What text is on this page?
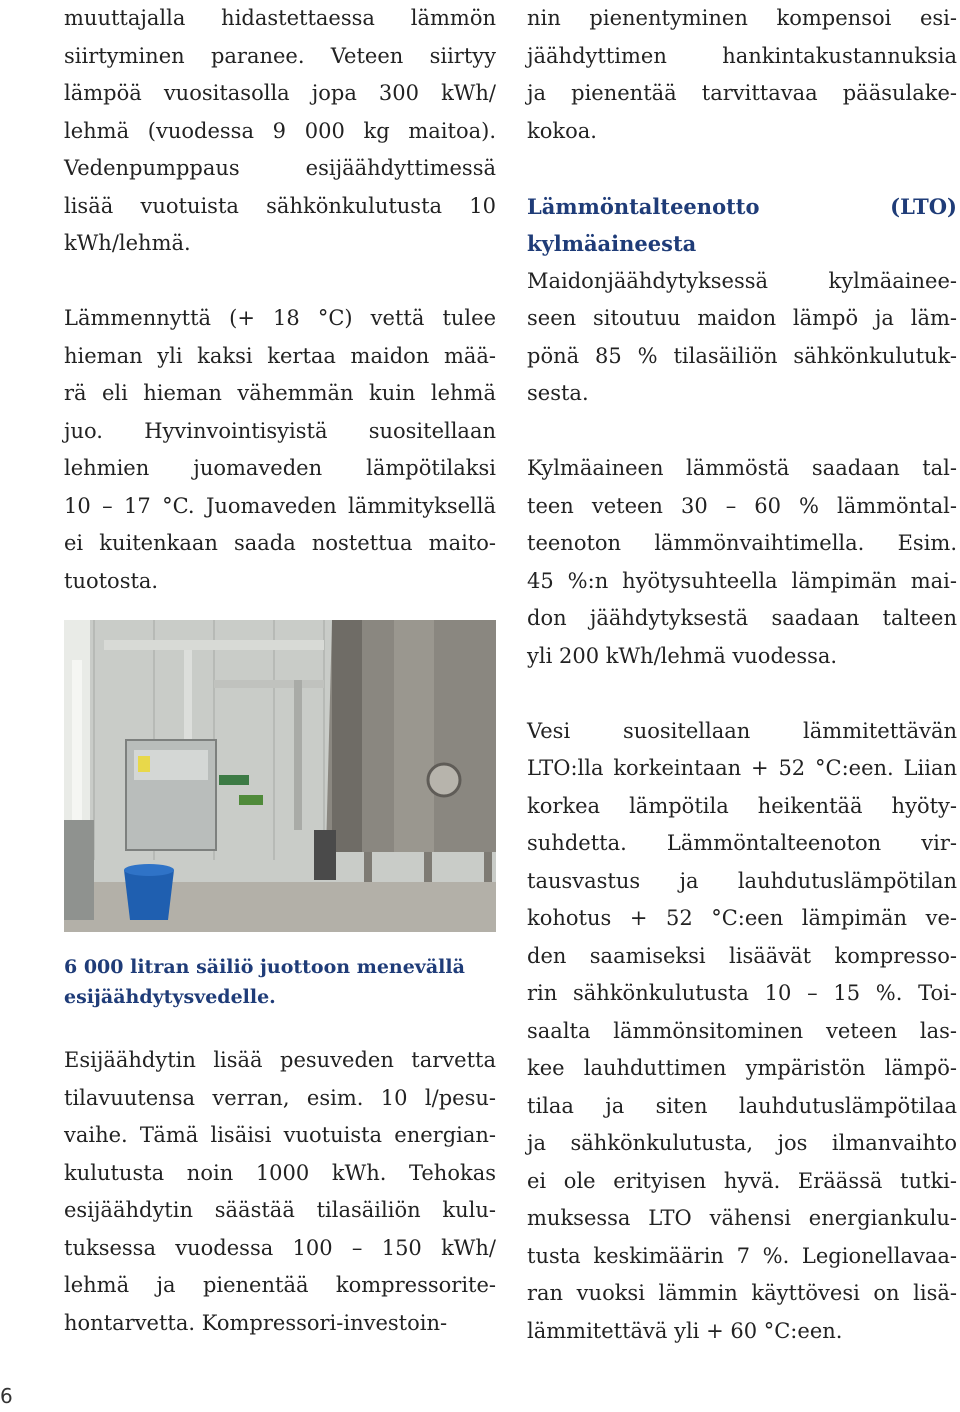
muuttajalla hidastettaessa lämmön
siirtyminen paranee. Veteen siirtyy
lämpöä vuositasolla jopa 300 kWh/
lehmä (vuodessa 9 000 kg maitoa).
Vedenpumppaus esijäähdyttimessä
lisää vuotuista sähkönkulutusta 10
kWh/lehmä.
Lämmennyttä (+ 18 °C) vettä tulee
hieman yli kaksi kertaa maidon mää-
rä eli hieman vähemmän kuin lehmä
juo. Hyvinvointisyistä suositellaan
lehmien juomaveden lämpötilaksi
10 – 17 °C. Juomaveden lämmityksellä
ei kuitenkaan saada nostettua maito-
tuotosta.
6 000 litran säiliö juottoon menevällä
esijäähdytysvedelle.
Esijäähdytin lisää pesuveden tarvetta
tilavuutensa verran, esim. 10 l/pesu-
vaihe. Tämä lisäisi vuotuista energian-
kulutusta noin 1000 kWh. Tehokas
esijäähdytin säästää tilasäiliön kulu-
tuksessa vuodessa 100 – 150 kWh/
lehmä ja pienentää kompressorite-
hontarvetta. Kompressori-investoin-
nin pienentyminen kompensoi esi-
jäähdyttimen hankintakustannuksia
ja pienentää tarvittavaa pääsulake-
kokoa.
Lämmöntalteenotto (LTO)
kylmäaineesta
Maidonjäähdytyksessä kylmäainee-
seen sitoutuu maidon lämpö ja läm-
pönä 85 % tilasäiliön sähkönkulutuk-
sesta.
Kylmäaineen lämmöstä saadaan tal-
teen veteen 30 – 60 % lämmöntal-
teenoton lämmönvaihtimella. Esim.
45 %:n hyötysuhteella lämpimän mai-
don jäähdytyksestä saadaan talteen
yli 200 kWh/lehmä vuodessa.
Vesi suositellaan lämmitettävän
LTO:lla korkeintaan + 52 °C:een. Liian
korkea lämpötila heikentää hyöty-
suhdetta. Lämmöntalteenoton vir-
tausvastus ja lauhdutuslämpötilan
kohotus + 52 °C:een lämpimän ve-
den saamiseksi lisäävät kompresso-
rin sähkönkulutusta 10 – 15 %. Toi-
saalta lämmönsitominen veteen las-
kee lauhduttimen ympäristön lämpö-
tilaa ja siten lauhdutuslämpötilaa
ja sähkönkulutusta, jos ilmanvaihto
ei ole erityisen hyvä. Eräässä tutki-
muksessa LTO vähensi energiankulu-
tusta keskimäärin 7 %. Legionellavaa-
ran vuoksi lämmin käyttövesi on lisä-
lämmitettävä yli + 60 °C:een.
6
